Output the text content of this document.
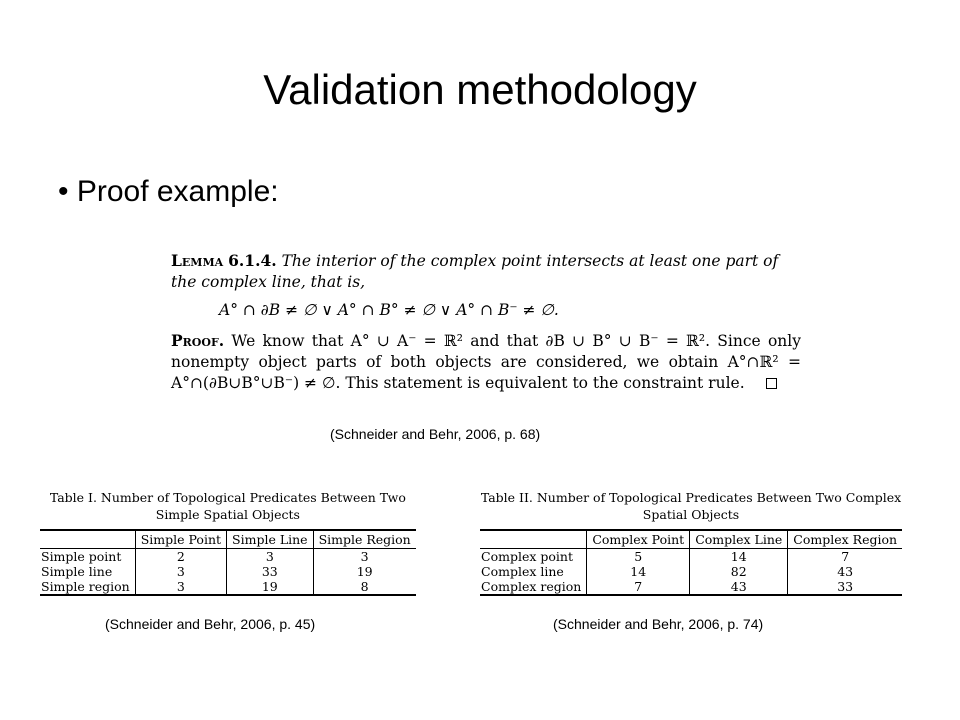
Validation methodology
• Proof example:

Lemma 6.1.4. The interior of the complex point intersects at least one part of the complex line, that is,

A° ∩ ∂B ≠ ∅ ∨ A° ∩ B° ≠ ∅ ∨ A° ∩ B⁻ ≠ ∅.

Proof. We know that A° ∪ A⁻ = ℝ² and that ∂B ∪ B° ∪ B⁻ = ℝ². Since only nonempty object parts of both objects are considered, we obtain A°∩ℝ² = A°∩(∂B∪B°∪B⁻) ≠ ∅. This statement is equivalent to the constraint rule.

(Schneider and Behr, 2006, p. 68)
Table I. Number of Topological Predicates Between Two
Simple Spatial Objects
	Simple Point	Simple Line	Simple Region
Simple point	2	3	3
Simple line	3	33	19
Simple region	3	19	8
Table II. Number of Topological Predicates Between Two Complex
Spatial Objects
	Complex Point	Complex Line	Complex Region
Complex point	5	14	7
Complex line	14	82	43
Complex region	7	43	33
(Schneider and Behr, 2006, p. 45)	(Schneider and Behr, 2006, p. 74)
